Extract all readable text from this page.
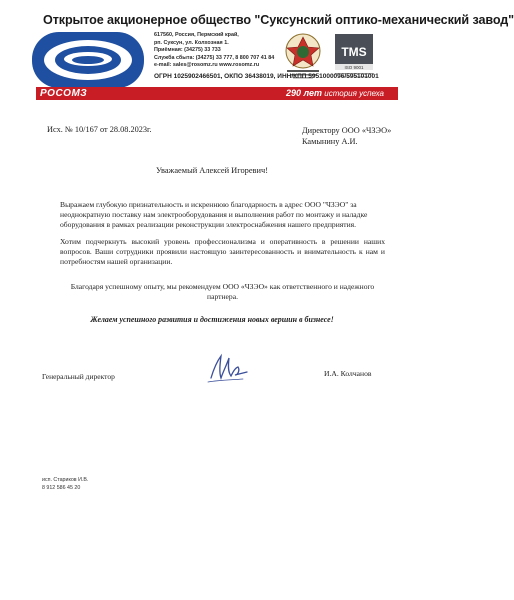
Открытое акционерное общество "Суксунский оптико-механический завод"
617560, Россия, Пермский край,
рп. Суксун, ул. Колхозная 1.
Приёмная: (34275) 33 733
Служба сбыта: (34275) 33 777, 8 800 707 41 84
e-mail: sales@rosomz.ru www.rosomz.ru
TMS
ISO 9001
ОГРН 1025902466501, ОКПО 36438019, ИНН/КПП 5951000096/595101001
РОСОМЗ	290 лет история успеха
Исх. № 10/167 от 28.08.2023г.	Директору ООО «ЧЗЭО»
Камынину А.И.
Уважаемый Алексей Игоревич!
Выражаем глубокую признательность и искреннюю благодарность в адрес ООО "ЧЗЭО" за неоднократную поставку нам электрооборудования и выполнения работ по монтажу и наладке оборудования в рамках реализации реконструкции электроснабжения нашего предприятия.
Хотим подчеркнуть высокий уровень профессионализма и оперативность в решении наших вопросов. Ваши сотрудники проявили настоящую заинтересованность и внимательность к нам и потребностям нашей организации.
Благодаря успешному опыту, мы рекомендуем ООО «ЧЗЭО» как ответственного и надежного партнера.
Желаем успешного развития и достижения новых вершин в бизнесе!
Генеральный директор	И.А. Колчанов
исп. Стариков И.В.
8 912 586 45 20
